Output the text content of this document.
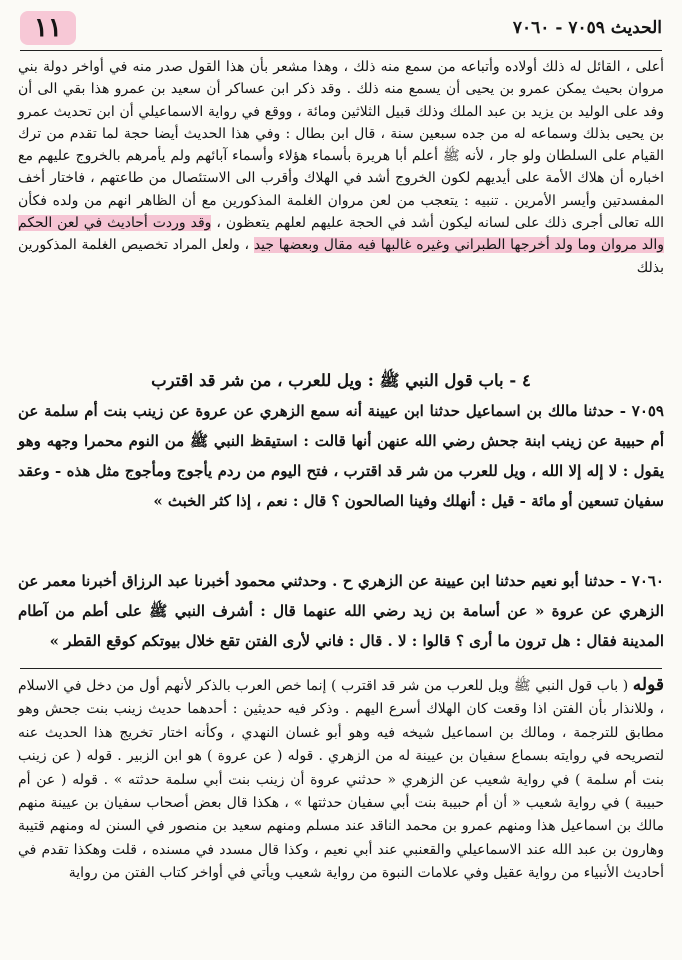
الحديث ٧٠٥٩ - ٧٠٦٠
١١
أعلى ، القائل له ذلك أولاده وأتباعه من سمع منه ذلك ، وهذا مشعر بأن هذا القول صدر منه في أواخر دولة بني مروان بحيث يمكن عمرو بن يحيى أن يسمع منه ذلك . وقد ذكر ابن عساكر أن سعيد بن عمرو هذا بقي الى أن وفد على الوليد بن يزيد بن عبد الملك وذلك قبيل الثلاثين ومائة ، ووقع في رواية الاسماعيلي أن ابن تحديث عمرو بن يحيى بذلك وسماعه له من جده سبعين سنة ، قال ابن بطال : وفي هذا الحديث أيضا حجة لما تقدم من ترك القيام على السلطان ولو جار ، لأنه ﷺ أعلم أبا هريرة بأسماء هؤلاء وأسماء آبائهم ولم يأمرهم بالخروج عليهم مع اخباره أن هلاك الأمة على أيديهم لكون الخروج أشد في الهلاك وأقرب الى الاستئصال من طاعتهم ، فاختار أخف المفسدتين وأيسر الأمرين . تنبيه : يتعجب من لعن مروان الغلمة المذكورين مع أن الظاهر انهم من ولده فكأن الله تعالى أجرى ذلك على لسانه ليكون أشد في الحجة عليهم لعلهم يتعظون ، وقد وردت أحاديث في لعن الحكم والد مروان وما ولد أخرجها الطبراني وغيره غالبها فيه مقال وبعضها جيد ، ولعل المراد تخصيص الغلمة المذكورين بذلك
٤ - باب قول النبي ﷺ : ويل للعرب ، من شر قد اقترب
٧٠٥٩ - حدثنا مالك بن اسماعيل حدثنا ابن عيينة أنه سمع الزهري عن عروة عن زينب بنت أم سلمة عن أم حبيبة عن زينب ابنة جحش رضي الله عنهن أنها قالت : استيقظ النبي ﷺ من النوم محمرا وجهه وهو يقول : لا إله إلا الله ، ويل للعرب من شر قد اقترب ، فتح اليوم من ردم يأجوج ومأجوج مثل هذه - وعقد سفيان تسعين أو مائة - قيل : أنهلك وفينا الصالحون ؟ قال : نعم ، إذا كثر الخبث »
٧٠٦٠ - حدثنا أبو نعيم حدثنا ابن عيينة عن الزهري ح . وحدثني محمود أخبرنا عبد الرزاق أخبرنا معمر عن الزهري عن عروة « عن أسامة بن زيد رضي الله عنهما قال : أشرف النبي ﷺ على أطم من آطام المدينة فقال : هل ترون ما أرى ؟ قالوا : لا . قال : فاني لأرى الفتن تقع خلال بيوتكم كوقع القطر »
قوله ( باب قول النبي ﷺ ويل للعرب من شر قد اقترب ) إنما خص العرب بالذكر لأنهم أول من دخل في الاسلام ، وللانذار بأن الفتن اذا وقعت كان الهلاك أسرع اليهم . وذكر فيه حديثين : أحدهما حديث زينب بنت جحش وهو مطابق للترجمة ، ومالك بن اسماعيل شيخه فيه وهو أبو غسان النهدي ، وكأنه اختار تخريج هذا الحديث عنه لتصريحه في روايته بسماع سفيان بن عيينة له من الزهري . قوله ( عن عروة ) هو ابن الزبير . قوله ( عن زينب بنت أم سلمة ) في رواية شعيب عن الزهري « حدثني عروة أن زينب بنت أبي سلمة حدثته » . قوله ( عن أم حبيبة ) في رواية شعيب « أن أم حبيبة بنت أبي سفيان حدثتها » ، هكذا قال بعض أصحاب سفيان بن عيينة منهم مالك بن اسماعيل هذا ومنهم عمرو بن محمد الناقد عند مسلم ومنهم سعيد بن منصور في السنن له ومنهم قتيبة وهارون بن عبد الله عند الاسماعيلي والقعنبي عند أبي نعيم ، وكذا قال مسدد في مسنده ، قلت وهكذا تقدم في أحاديث الأنبياء من رواية عقيل وفي علامات النبوة من رواية شعيب ويأتي في أواخر كتاب الفتن من رواية
